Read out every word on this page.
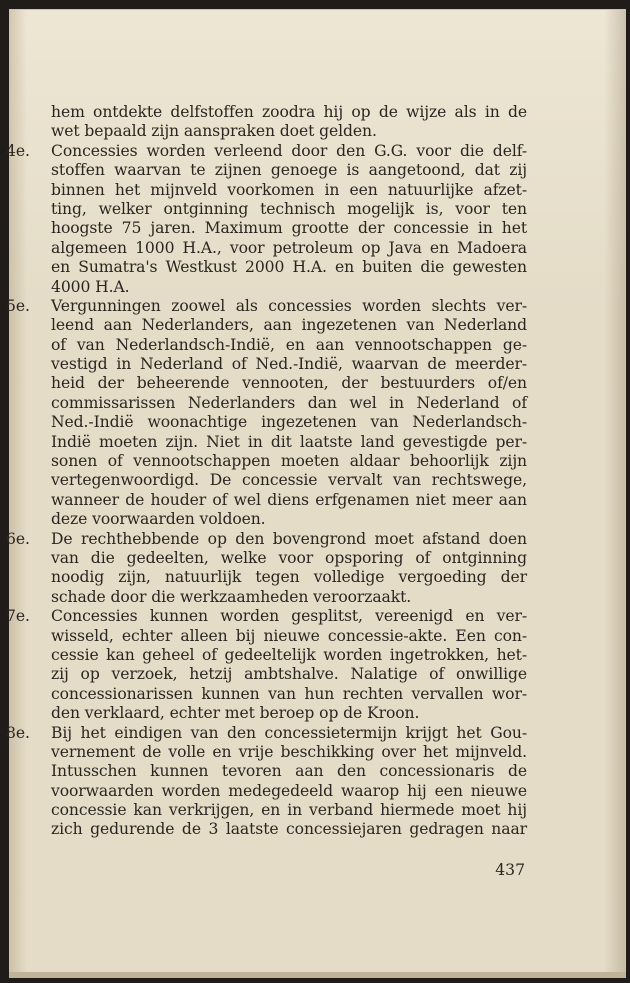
hem ontdekte delfstoffen zoodra hij op de wijze als in de
wet bepaald zijn aanspraken doet gelden.
4e. Concessies worden verleend door den G.G. voor die delf-
stoffen waarvan te zijnen genoege is aangetoond, dat zij
binnen het mijnveld voorkomen in een natuurlijke afzet-
ting, welker ontginning technisch mogelijk is, voor ten
hoogste 75 jaren. Maximum grootte der concessie in het
algemeen 1000 H.A., voor petroleum op Java en Madoera
en Sumatra's Westkust 2000 H.A. en buiten die gewesten
4000 H.A.
5e. Vergunningen zoowel als concessies worden slechts ver-
leend aan Nederlanders, aan ingezetenen van Nederland
of van Nederlandsch-Indië, en aan vennootschappen ge-
vestigd in Nederland of Ned.-Indië, waarvan de meerder-
heid der beheerende vennooten, der bestuurders of/en
commissarissen Nederlanders dan wel in Nederland of
Ned.-Indië woonachtige ingezetenen van Nederlandsch-
Indië moeten zijn. Niet in dit laatste land gevestigde per-
sonen of vennootschappen moeten aldaar behoorlijk zijn
vertegenwoordigd. De concessie vervalt van rechtswege,
wanneer de houder of wel diens erfgenamen niet meer aan
deze voorwaarden voldoen.
6e. De rechthebbende op den bovengrond moet afstand doen
van die gedeelten, welke voor opsporing of ontginning
noodig zijn, natuurlijk tegen volledige vergoeding der
schade door die werkzaamheden veroorzaakt.
7e. Concessies kunnen worden gesplitst, vereenigd en ver-
wisseld, echter alleen bij nieuwe concessie-akte. Een con-
cessie kan geheel of gedeeltelijk worden ingetrokken, het-
zij op verzoek, hetzij ambtshalve. Nalatige of onwillige
concessionarissen kunnen van hun rechten vervallen wor-
den verklaard, echter met beroep op de Kroon.
8e. Bij het eindigen van den concessietermijn krijgt het Gou-
vernement de volle en vrije beschikking over het mijnveld.
Intusschen kunnen tevoren aan den concessionaris de
voorwaarden worden medegedeeld waarop hij een nieuwe
concessie kan verkrijgen, en in verband hiermede moet hij
zich gedurende de 3 laatste concessiejaren gedragen naar
437
